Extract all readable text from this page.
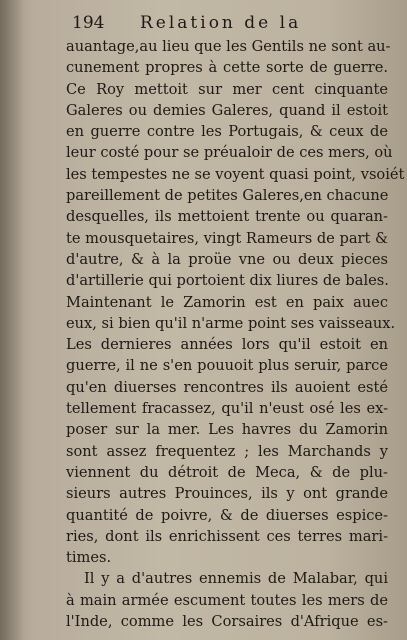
194 Relation de la
auantage,au lieu que les Gentils ne sont au-
cunement propres à cette sorte de guerre.
Ce Roy mettoit sur mer cent cinquante
Galeres ou demies Galeres, quand il estoit
en guerre contre les Portugais, & ceux de
leur costé pour se préualoir de ces mers, où
les tempestes ne se voyent quasi point, vsoiét
pareillement de petites Galeres,en chacune
desquelles, ils mettoient trente ou quaran-
te mousquetaires, vingt Rameurs de part &
d'autre, & à la proüe vne ou deux pieces
d'artillerie qui portoient dix liures de bales.
Maintenant le Zamorin est en paix auec
eux, si bien qu'il n'arme point ses vaisseaux.
Les dernieres années lors qu'il estoit en
guerre, il ne s'en pouuoit plus seruir, parce
qu'en diuerses rencontres ils auoient esté
tellement fracassez, qu'il n'eust osé les ex-
poser sur la mer. Les havres du Zamorin
sont assez frequentez ; les Marchands y
viennent du détroit de Meca, & de plu-
sieurs autres Prouinces, ils y ont grande
quantité de poivre, & de diuerses espice-
ries, dont ils enrichissent ces terres mari-
times.
Il y a d'autres ennemis de Malabar, qui
à main armée escument toutes les mers de
l'Inde, comme les Corsaires d'Afrique es-
